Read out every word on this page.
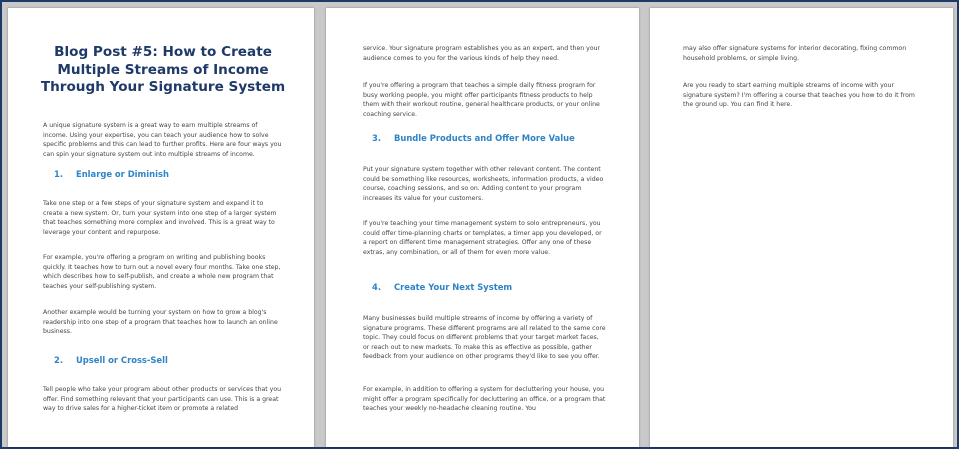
Blog Post #5: How to Create Multiple Streams of Income Through Your Signature System

A unique signature system is a great way to earn multiple streams of income. Using your expertise, you can teach your audience how to solve specific problems and this can lead to further profits. Here are four ways you can spin your signature system out into multiple streams of income.

1. Enlarge or Diminish

Take one step or a few steps of your signature system and expand it to create a new system. Or, turn your system into one step of a larger system that teaches something more complex and involved. This is a great way to leverage your content and repurpose.

For example, you're offering a program on writing and publishing books quickly. It teaches how to turn out a novel every four months. Take one step, which describes how to self-publish, and create a whole new program that teaches your self-publishing system.

Another example would be turning your system on how to grow a blog's readership into one step of a program that teaches how to launch an online business.

2. Upsell or Cross-Sell

Tell people who take your program about other products or services that you offer. Find something relevant that your participants can use. This is a great way to drive sales for a higher-ticket item or promote a related

service. Your signature program establishes you as an expert, and then your audience comes to you for the various kinds of help they need.

If you're offering a program that teaches a simple daily fitness program for busy working people, you might offer participants fitness products to help them with their workout routine, general healthcare products, or your online coaching service.

3. Bundle Products and Offer More Value

Put your signature system together with other relevant content. The content could be something like resources, worksheets, information products, a video course, coaching sessions, and so on. Adding content to your program increases its value for your customers.

If you're teaching your time management system to solo entrepreneurs, you could offer time-planning charts or templates, a timer app you developed, or a report on different time management strategies. Offer any one of these extras, any combination, or all of them for even more value.

4. Create Your Next System

Many businesses build multiple streams of income by offering a variety of signature programs. These different programs are all related to the same core topic. They could focus on different problems that your target market faces, or reach out to new markets. To make this as effective as possible, gather feedback from your audience on other programs they'd like to see you offer.

For example, in addition to offering a system for decluttering your house, you might offer a program specifically for decluttering an office, or a program that teaches your weekly no-headache cleaning routine. You

may also offer signature systems for interior decorating, fixing common household problems, or simple living.

Are you ready to start earning multiple streams of income with your signature system? I'm offering a course that teaches you how to do it from the ground up. You can find it here.
